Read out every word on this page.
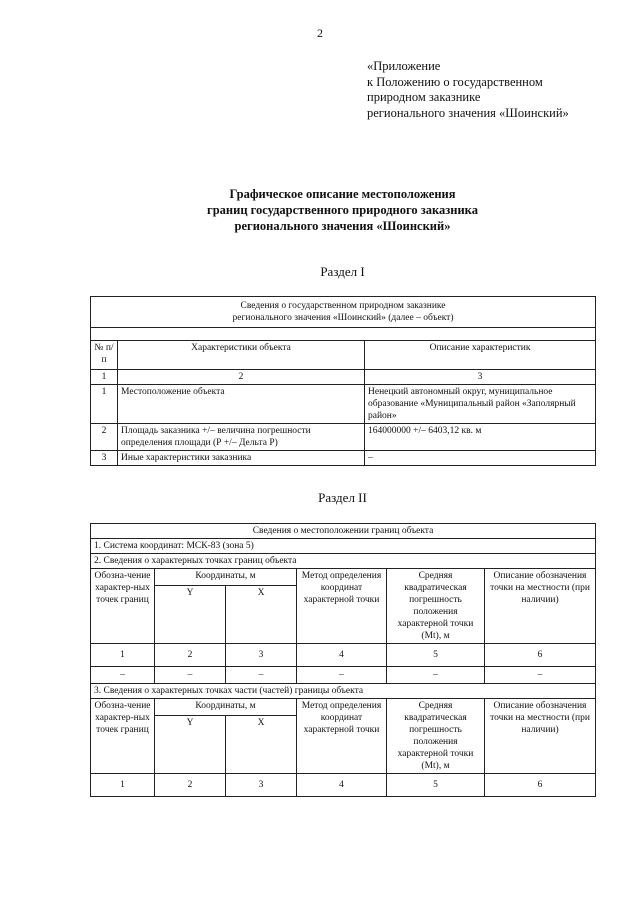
2
«Приложение
к Положению о государственном
природном заказнике
регионального значения «Шоинский»
Графическое описание местоположения
границ государственного природного заказника
регионального значения «Шоинский»
Раздел I
Сведения о государственном природном заказнике
регионального значения «Шоинский» (далее – объект)		

№ п/п	Характеристики объекта	Описание характеристик
1	2	3
1	Местоположение объекта	Ненецкий автономный округ, муниципальное образование «Муниципальный район «Заполярный район»
2	Площадь заказника +/– величина погрешности определения площади (Р +/– Дельта Р)	164000000 +/– 6403,12 кв. м
3	Иные характеристики заказника	–
Раздел II
Сведения о местоположении границ объекта					
1. Система координат: МСК-83 (зона 5)					
2. Сведения о характерных точках границ объекта					
Обозна-чение характер-ных точек границ	Координаты, м		Метод определения координат характерной точки	Средняя квадратическая погрешность положения характерной точки (Mt), м	Описание обозначения точки на местности (при наличии)
	Y	X			
1	2	3	4	5	6
–	–	–	–	–	–
3. Сведения о характерных точках части (частей) границы объекта					
Обозна-чение характер-ных точек границ	Координаты, м		Метод определения координат характерной точки	Средняя квадратическая погрешность положения характерной точки (Mt), м	Описание обозначения точки на местности (при наличии)
	Y	X			
1	2	3	4	5	6
